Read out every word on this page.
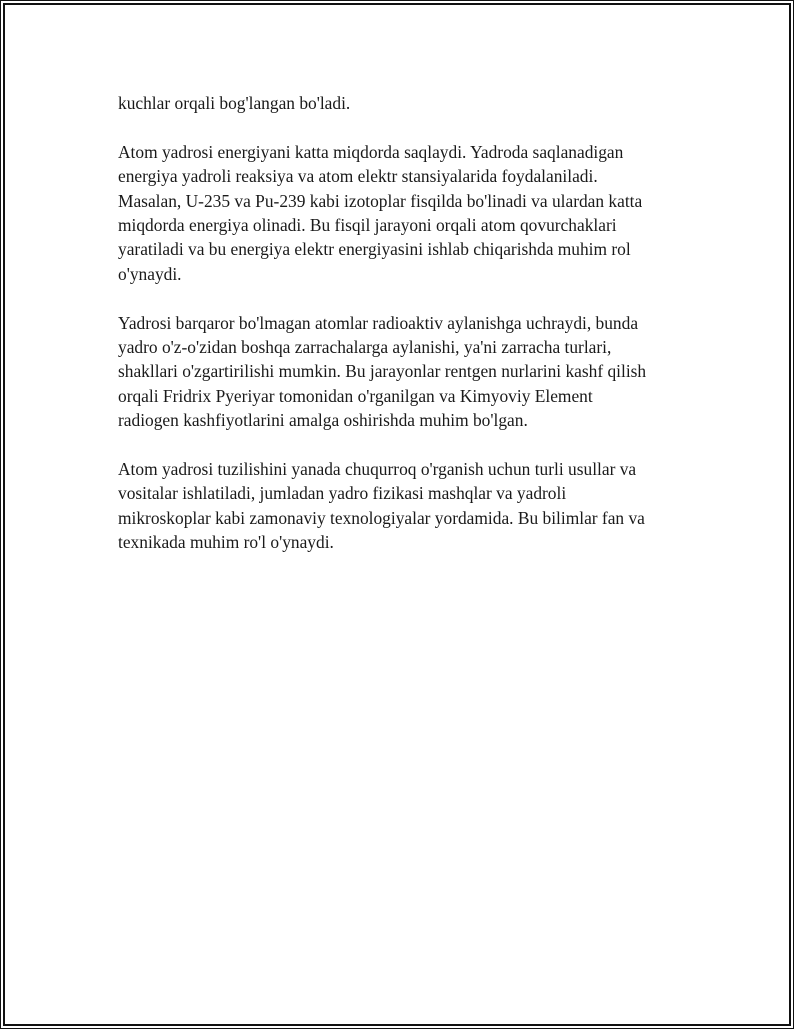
kuchlar orqali bog'langan bo'ladi.

Atom yadrosi energiyani katta miqdorda saqlaydi. Yadroda saqlanadigan
energiya yadroli reaksiya va atom elektr stansiyalarida foydalaniladi.
Masalan, U-235 va Pu-239 kabi izotoplar fisqilda bo'linadi va ulardan katta
miqdorda energiya olinadi. Bu fisqil jarayoni orqali atom qovurchaklari
yaratiladi va bu energiya elektr energiyasini ishlab chiqarishda muhim rol
o'ynaydi.

Yadrosi barqaror bo'lmagan atomlar radioaktiv aylanishga uchraydi, bunda
yadro o'z-o'zidan boshqa zarrachalarga aylanishi, ya'ni zarracha turlari,
shakllari o'zgartirilishi mumkin. Bu jarayonlar rentgen nurlarini kashf qilish
orqali Fridrix Pyeriyar tomonidan o'rganilgan va Kimyoviy Element
radiogen kashfiyotlarini amalga oshirishda muhim bo'lgan.

Atom yadrosi tuzilishini yanada chuqurroq o'rganish uchun turli usullar va
vositalar ishlatiladi, jumladan yadro fizikasi mashqlar va yadroli
mikroskoplar kabi zamonaviy texnologiyalar yordamida. Bu bilimlar fan va
texnikada muhim ro'l o'ynaydi.
